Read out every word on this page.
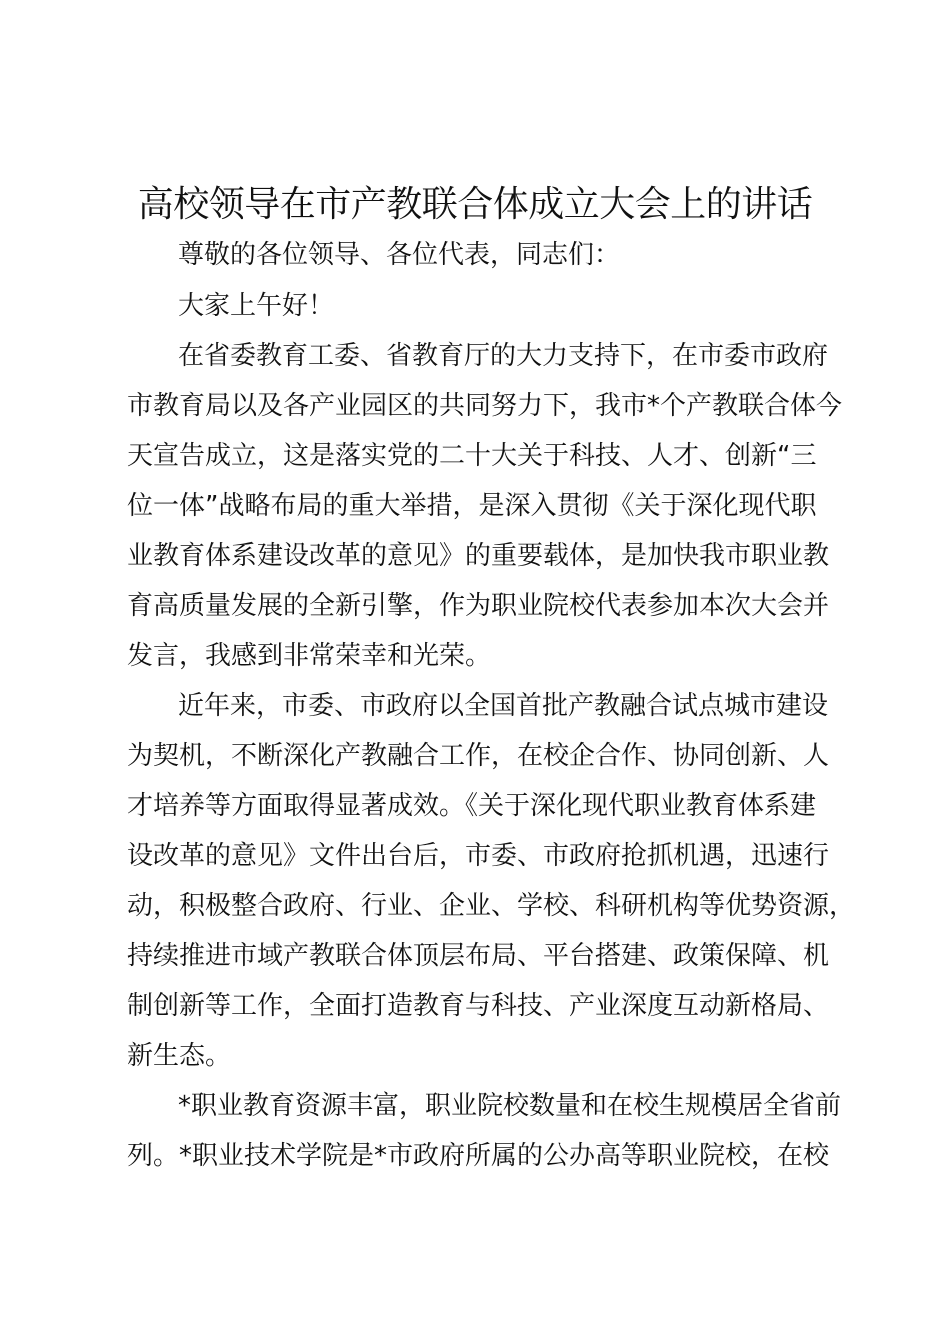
高校领导在市产教联合体成立大会上的讲话
尊敬的各位领导、各位代表，同志们：
大家上午好！
在省委教育工委、省教育厅的大力支持下，在市委市政府
市教育局以及各产业园区的共同努力下，我市*个产教联合体今
天宣告成立，这是落实党的二十大关于科技、人才、创新“三
位一体”战略布局的重大举措，是深入贯彻《关于深化现代职
业教育体系建设改革的意见》的重要载体，是加快我市职业教
育高质量发展的全新引擎，作为职业院校代表参加本次大会并
发言，我感到非常荣幸和光荣。
近年来，市委、市政府以全国首批产教融合试点城市建设
为契机，不断深化产教融合工作，在校企合作、协同创新、人
才培养等方面取得显著成效。《关于深化现代职业教育体系建
设改革的意见》文件出台后，市委、市政府抢抓机遇，迅速行
动，积极整合政府、行业、企业、学校、科研机构等优势资源，
持续推进市域产教联合体顶层布局、平台搭建、政策保障、机
制创新等工作，全面打造教育与科技、产业深度互动新格局、
新生态。
*职业教育资源丰富，职业院校数量和在校生规模居全省前
列。*职业技术学院是*市政府所属的公办高等职业院校，在校
